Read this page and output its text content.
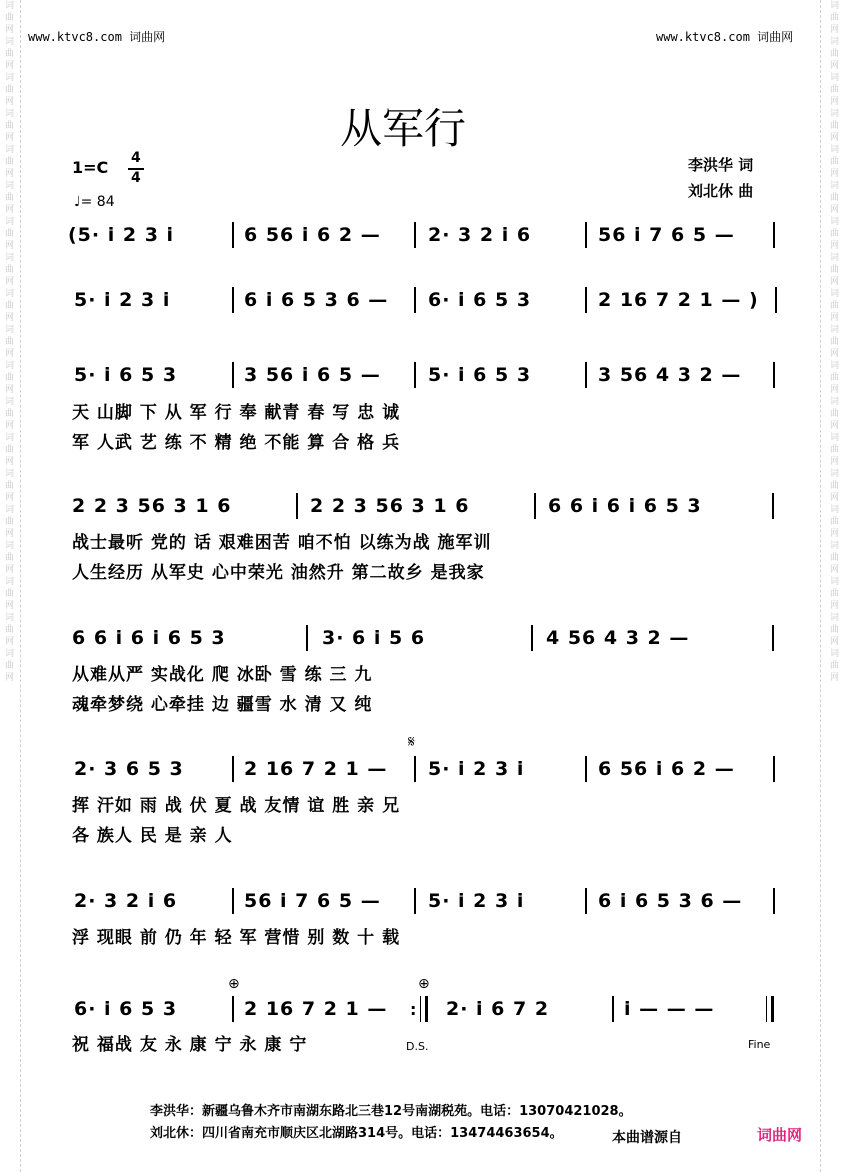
词曲网词曲网词曲网词曲网词曲网词曲网词曲网词曲网词曲网词曲网词曲网词曲网词曲网词曲网词曲网词曲网词曲网词曲网词曲网	词曲网词曲网词曲网词曲网词曲网词曲网词曲网词曲网词曲网词曲网词曲网词曲网词曲网词曲网词曲网词曲网词曲网词曲网词曲网
www.ktvc8.com 词曲网	www.ktvc8.com 词曲网
从军行
1=C 4
4
♩= 84
李洪华 词
刘北休 曲
(5· i 2 3 i	6 56 i 6 2 — 2· 3 2 i 6	56 i 7 6 5 —
5· i 2 3 i	6 i 6 5 3 6 — 6· i 6 5 3	2 16 7 2 1 — )
5· i 6 5 3	3 56 i 6 5 — 5· i 6 5 3	3 56 4 3 2 —
天 山脚 下 从 军 行 奉 献青 春 写 忠 诚
军 人武 艺 练 不 精 绝 不能 算 合 格 兵
2 2 3 56 3 1 6	2 2 3 56 3 1 6	6 6 i 6 i 6 5 3
战士最听 党的 话 艰难困苦 咱不怕 以练为战 施军训
人生经历 从军史 心中荣光 油然升 第二故乡 是我家
6 6 i 6 i 6 5 3	3· 6 i 5 6	4 56 4 3 2 —
从难从严 实战化 爬 冰卧 雪 练 三 九
魂牵梦绕 心牵挂 边 疆雪 水 清 又 纯
𝄋
2· 3 6 5 3	2 16 7 2 1 — 5· i 2 3 i	6 56 i 6 2 —
挥 汗如 雨 战 伏 夏 战 友情 谊 胜 亲 兄
各 族人 民 是 亲 人
2· 3 2 i 6	56 i 7 6 5 — 5· i 2 3 i	6 i 6 5 3 6 —
浮 现眼 前 仍 年 轻 军 营惜 别 数 十 载
⊕	⊕
6· i 6 5 3	2 16 7 2 1 — : 2· i 6 7 2	i — — —
祝 福战 友 永 康 宁 永 康 宁	D.S.	Fine
李洪华：新疆乌鲁木齐市南湖东路北三巷12号南湖税苑。电话：13070421028。
刘北休：四川省南充市顺庆区北湖路314号。电话：13474463654。	本曲谱源自	词曲网
